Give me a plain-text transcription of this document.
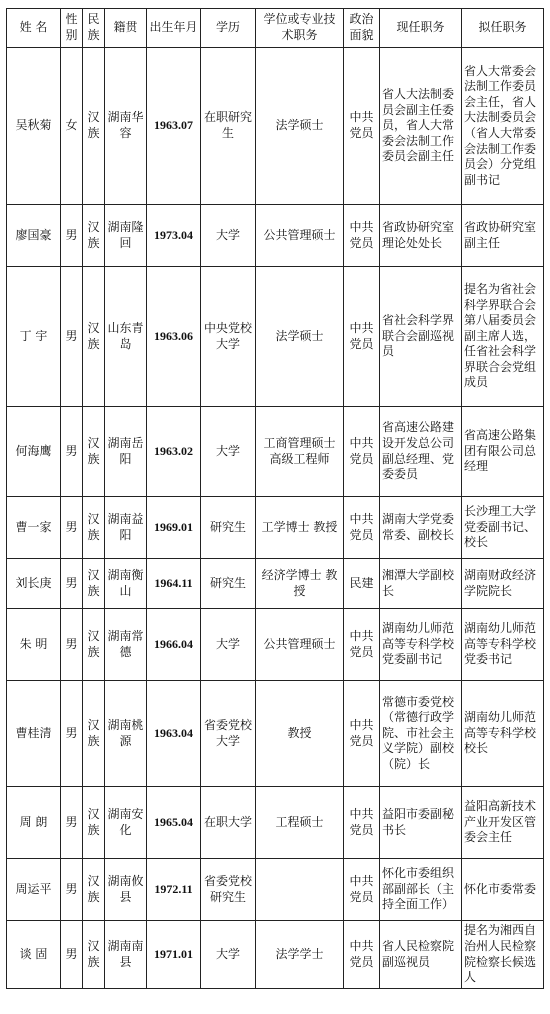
姓 名	性别	民族	籍贯	出生年月	学历	学位或专业技术职务	政治面貌	现任职务	拟任职务
吴秋菊	女	汉族	湖南华容	1963.07	在职研究生	法学硕士	中共党员	省人大法制委员会副主任委员，省人大常委会法制工作委员会副主任	省人大常委会法制工作委员会主任，省人大法制委员会（省人大常委会法制工作委员会）分党组副书记
廖国豪	男	汉族	湖南隆回	1973.04	大学	公共管理硕士	中共党员	省政协研究室理论处处长	省政协研究室副主任
丁 宇	男	汉族	山东青岛	1963.06	中央党校大学	法学硕士	中共党员	省社会科学界联合会副巡视员	提名为省社会科学界联合会第八届委员会副主席人选，任省社会科学界联合会党组成员
何海鹰	男	汉族	湖南岳阳	1963.02	大学	工商管理硕士 高级工程师	中共党员	省高速公路建设开发总公司副总经理、党委委员	省高速公路集团有限公司总经理
曹一家	男	汉族	湖南益阳	1969.01	研究生	工学博士 教授	中共党员	湖南大学党委常委、副校长	长沙理工大学党委副书记、校长
刘长庚	男	汉族	湖南衡山	1964.11	研究生	经济学博士 教授	民建	湘潭大学副校长	湖南财政经济学院院长
朱 明	男	汉族	湖南常德	1966.04	大学	公共管理硕士	中共党员	湖南幼儿师范高等专科学校党委副书记	湖南幼儿师范高等专科学校党委书记
曹桂清	男	汉族	湖南桃源	1963.04	省委党校大学	教授	中共党员	常德市委党校（常德行政学院、市社会主义学院）副校（院）长	湖南幼儿师范高等专科学校校长
周 朗	男	汉族	湖南安化	1965.04	在职大学	工程硕士	中共党员	益阳市委副秘书长	益阳高新技术产业开发区管委会主任
周运平	男	汉族	湖南攸县	1972.11	省委党校研究生		中共党员	怀化市委组织部副部长（主持全面工作）	怀化市委常委
谈 固	男	汉族	湖南南县	1971.01	大学	法学学士	中共党员	省人民检察院副巡视员	提名为湘西自治州人民检察院检察长候选人
